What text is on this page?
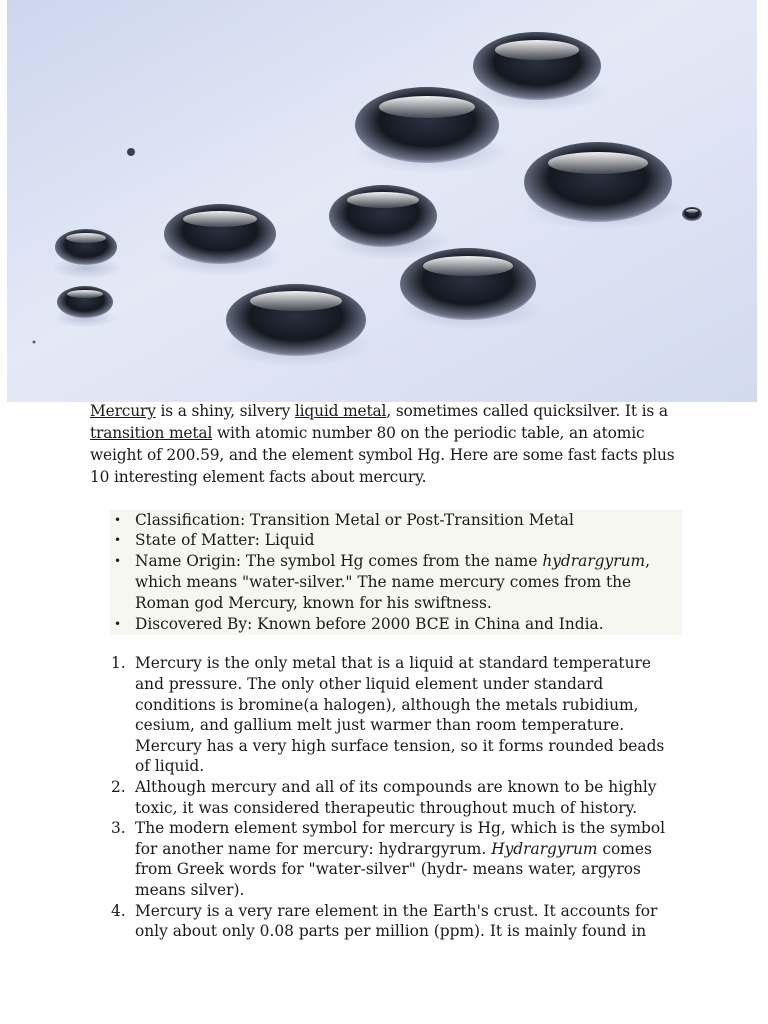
Mercury is a shiny, silvery liquid metal, sometimes called quicksilver. It is a transition metal with atomic number 80 on the periodic table, an atomic weight of 200.59, and the element symbol Hg. Here are some fast facts plus 10 interesting element facts about mercury.

• Classification: Transition Metal or Post-Transition Metal
• State of Matter: Liquid
• Name Origin: The symbol Hg comes from the name hydrargyrum, which means "water-silver." The name mercury comes from the Roman god Mercury, known for his swiftness.
• Discovered By: Known before 2000 BCE in China and India.
Mercury is the only metal that is a liquid at standard temperature and pressure. The only other liquid element under standard conditions is bromine(a halogen), although the metals rubidium, cesium, and gallium melt just warmer than room temperature. Mercury has a very high surface tension, so it forms rounded beads of liquid.
Although mercury and all of its compounds are known to be highly toxic, it was considered therapeutic throughout much of history.
The modern element symbol for mercury is Hg, which is the symbol for another name for mercury: hydrargyrum. Hydrargyrum comes from Greek words for "water-silver" (hydr- means water, argyros means silver).
Mercury is a very rare element in the Earth's crust. It accounts for only about only 0.08 parts per million (ppm). It is mainly found in
